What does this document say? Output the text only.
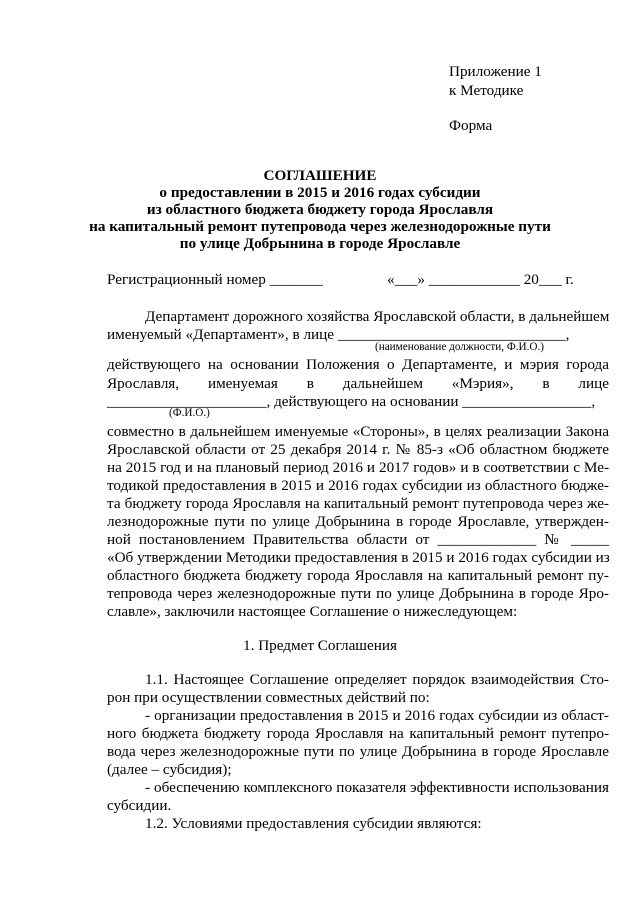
Приложение 1
к Методике
Форма
СОГЛАШЕНИЕ
о предоставлении в 2015 и 2016 годах субсидии
из областного бюджета бюджету города Ярославля
на капитальный ремонт путепровода через железнодорожные пути
по улице Добрынина в городе Ярославле
Регистрационный номер _______	«___» ____________ 20___ г.
Департамент дорожного хозяйства Ярославской области, в дальнейшем
именуемый «Департамент», в лице ______________________________,
(наименование должности, Ф.И.О.)
действующего на основании Положения о Департаменте, и мэрия города
Ярославля, именуемая в дальнейшем «Мэрия», в лице
_____________________, действующего на основании _________________,
(Ф.И.О.)
совместно в дальнейшем именуемые «Стороны», в целях реализации Закона
Ярославской области от 25 декабря 2014 г. № 85-з «Об областном бюджете
на 2015 год и на плановый период 2016 и 2017 годов» и в соответствии с Ме-
тодикой предоставления в 2015 и 2016 годах субсидии из областного бюдже-
та бюджету города Ярославля на капитальный ремонт путепровода через же-
лезнодорожные пути по улице Добрынина в городе Ярославле, утвержден-
ной постановлением Правительства области от _____________ № _____
«Об утверждении Методики предоставления в 2015 и 2016 годах субсидии из
областного бюджета бюджету города Ярославля на капитальный ремонт пу-
тепровода через железнодорожные пути по улице Добрынина в городе Яро-
славле», заключили настоящее Соглашение о нижеследующем:
1. Предмет Соглашения
1.1. Настоящее Соглашение определяет порядок взаимодействия Сто-
рон при осуществлении совместных действий по:
- организации предоставления в 2015 и 2016 годах субсидии из област-
ного бюджета бюджету города Ярославля на капитальный ремонт путепро-
вода через железнодорожные пути по улице Добрынина в городе Ярославле
(далее – субсидия);
- обеспечению комплексного показателя эффективности использования
субсидии.
1.2. Условиями предоставления субсидии являются:
